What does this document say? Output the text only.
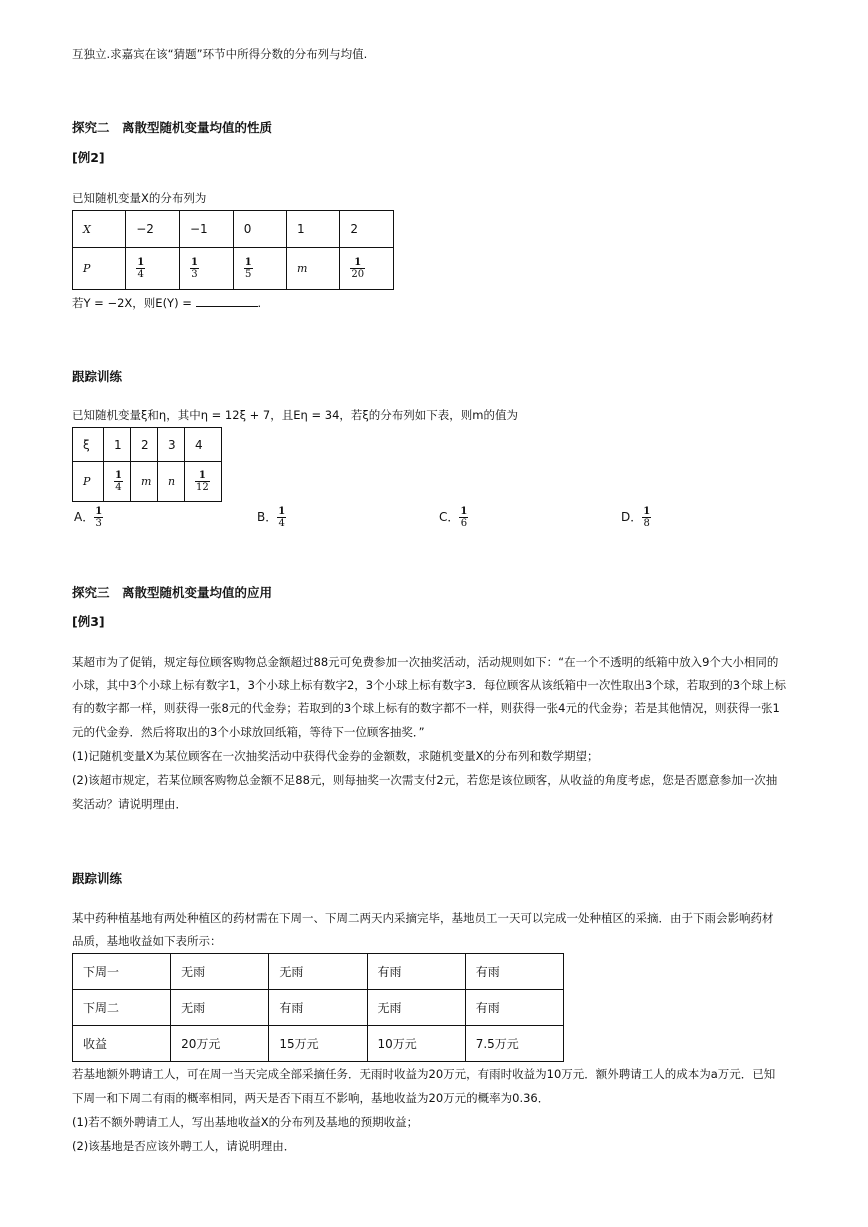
互独立.求嘉宾在该“猜题”环节中所得分数的分布列与均值.
探究二　离散型随机变量均值的性质
[例2]
已知随机变量X的分布列为
X	−2	−1	0	1	2
P	$\frac{1}{4}$	$\frac{1}{3}$	$\frac{1}{5}$	m	$\frac{1}{20}$
若Y = −2X，则E(Y) =	.
跟踪训练
已知随机变量ξ和η，其中η = 12ξ + 7，且Eη = 34，若ξ的分布列如下表，则m的值为
ξ	1	2	3	4
P	$\frac{1}{4}$	m	n	$\frac{1}{12}$
A． $\frac{1}{3}$	B． $\frac{1}{4}$	C． $\frac{1}{6}$	D． $\frac{1}{8}$
探究三　离散型随机变量均值的应用
[例3]
某超市为了促销，规定每位顾客购物总金额超过88元可免费参加一次抽奖活动，活动规则如下：“在一个不透明的纸箱中放入9个大小相同的
小球，其中3个小球上标有数字1，3个小球上标有数字2，3个小球上标有数字3．每位顾客从该纸箱中一次性取出3个球，若取到的3个球上标
有的数字都一样，则获得一张8元的代金券；若取到的3个球上标有的数字都不一样，则获得一张4元的代金券；若是其他情况，则获得一张1
元的代金券．然后将取出的3个小球放回纸箱，等待下一位顾客抽奖．”
(1)记随机变量X为某位顾客在一次抽奖活动中获得代金券的金额数，求随机变量X的分布列和数学期望；
(2)该超市规定，若某位顾客购物总金额不足88元，则每抽奖一次需支付2元，若您是该位顾客，从收益的角度考虑，您是否愿意参加一次抽
奖活动？请说明理由．
跟踪训练
某中药种植基地有两处种植区的药材需在下周一、下周二两天内采摘完毕，基地员工一天可以完成一处种植区的采摘．由于下雨会影响药材
品质，基地收益如下表所示：
下周一	无雨	无雨	有雨	有雨
下周二	无雨	有雨	无雨	有雨
收益	20万元	15万元	10万元	7.5万元
若基地额外聘请工人，可在周一当天完成全部采摘任务．无雨时收益为20万元，有雨时收益为10万元．额外聘请工人的成本为a万元．已知
下周一和下周二有雨的概率相同，两天是否下雨互不影响，基地收益为20万元的概率为0.36．
(1)若不额外聘请工人，写出基地收益X的分布列及基地的预期收益；
(2)该基地是否应该外聘工人，请说明理由．
